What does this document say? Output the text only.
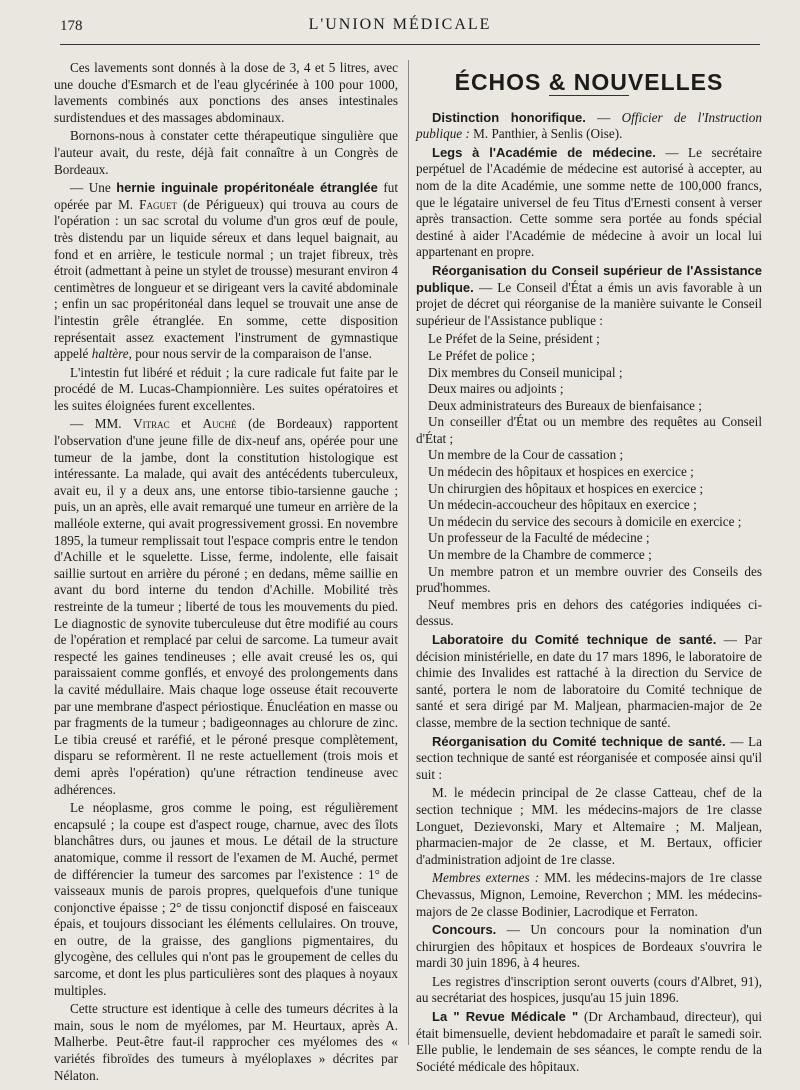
178	L'UNION MÉDICALE

Ces lavements sont donnés à la dose de 3, 4 et 5 litres, avec une douche d'Esmarch et de l'eau glycérinée à 100 pour 1000, lavements combinés aux ponctions des anses intestinales surdistendues et des massages abdominaux.

Bornons-nous à constater cette thérapeutique singulière que l'auteur avait, du reste, déjà fait connaître à un Congrès de Bordeaux.

— Une hernie inguinale propéritonéale étranglée fut opérée par M. Faguet (de Périgueux) qui trouva au cours de l'opération : un sac scrotal du volume d'un gros œuf de poule, très distendu par un liquide séreux et dans lequel baignait, au fond et en arrière, le testicule normal ; un trajet fibreux, très étroit (admettant à peine un stylet de trousse) mesurant environ 4 centimètres de longueur et se dirigeant vers la cavité abdominale ; enfin un sac propéritonéal dans lequel se trouvait une anse de l'intestin grêle étranglée. En somme, cette disposition représentait assez exactement l'instrument de gymnastique appelé haltère, pour nous servir de la comparaison de l'anse.

L'intestin fut libéré et réduit ; la cure radicale fut faite par le procédé de M. Lucas-Championnière. Les suites opératoires et les suites éloignées furent excellentes.

— MM. Vitrac et Auché (de Bordeaux) rapportent l'observation d'une jeune fille de dix-neuf ans, opérée pour une tumeur de la jambe, dont la constitution histologique est intéressante. La malade, qui avait des antécédents tuberculeux, avait eu, il y a deux ans, une entorse tibio-tarsienne gauche ; puis, un an après, elle avait remarqué une tumeur en arrière de la malléole externe, qui avait progressivement grossi. En novembre 1895, la tumeur remplissait tout l'espace compris entre le tendon d'Achille et le squelette. Lisse, ferme, indolente, elle faisait saillie surtout en arrière du péroné ; en dedans, même saillie en avant du bord interne du tendon d'Achille. Mobilité très restreinte de la tumeur ; liberté de tous les mouvements du pied. Le diagnostic de synovite tuberculeuse dut être modifié au cours de l'opération et remplacé par celui de sarcome. La tumeur avait respecté les gaines tendineuses ; elle avait creusé les os, qui paraissaient comme gonflés, et envoyé des prolongements dans la cavité médullaire. Mais chaque loge osseuse était recouverte par une membrane d'aspect périostique. Énucléation en masse ou par fragments de la tumeur ; badigeonnages au chlorure de zinc. Le tibia creusé et raréfié, et le péroné presque complètement, disparu se reformèrent. Il ne reste actuellement (trois mois et demi après l'opération) qu'une rétraction tendineuse avec adhérences.

Le néoplasme, gros comme le poing, est régulièrement encapsulé ; la coupe est d'aspect rouge, charnue, avec des îlots blanchâtres durs, ou jaunes et mous. Le détail de la structure anatomique, comme il ressort de l'examen de M. Auché, permet de différencier la tumeur des sarcomes par l'existence : 1° de vaisseaux munis de parois propres, quelquefois d'une tunique conjonctive épaisse ; 2° de tissu conjonctif disposé en faisceaux épais, et toujours dissociant les éléments cellulaires. On trouve, en outre, de la graisse, des ganglions pigmentaires, du glycogène, des cellules qui n'ont pas le groupement de celles du sarcome, et dont les plus particulières sont des plaques à noyaux multiples.

Cette structure est identique à celle des tumeurs décrites à la main, sous le nom de myélomes, par M. Heurtaux, après A. Malherbe. Peut-être faut-il rapprocher ces myélomes des « variétés fibroïdes des tumeurs à myéloplaxes » décrites par Nélaton.

ÉCHOS & NOUVELLES

Distinction honorifique. — Officier de l'Instruction publique : M. Panthier, à Senlis (Oise).

Legs à l'Académie de médecine. — Le secrétaire perpétuel de l'Académie de médecine est autorisé à accepter, au nom de la dite Académie, une somme nette de 100,000 francs, que le légataire universel de feu Titus d'Ernesti consent à verser après transaction. Cette somme sera portée au fonds spécial destiné à aider l'Académie de médecine à avoir un local lui appartenant en propre.

Réorganisation du Conseil supérieur de l'Assistance publique. — Le Conseil d'État a émis un avis favorable à un projet de décret qui réorganise de la manière suivante le Conseil supérieur de l'Assistance publique :

Le Préfet de la Seine, président ;
Le Préfet de police ;
Dix membres du Conseil municipal ;
Deux maires ou adjoints ;
Deux administrateurs des Bureaux de bienfaisance ;
Un conseiller d'État ou un membre des requêtes au Conseil d'État ;
Un membre de la Cour de cassation ;
Un médecin des hôpitaux et hospices en exercice ;
Un chirurgien des hôpitaux et hospices en exercice ;
Un médecin-accoucheur des hôpitaux en exercice ;
Un médecin du service des secours à domicile en exercice ;
Un professeur de la Faculté de médecine ;
Un membre de la Chambre de commerce ;
Un membre patron et un membre ouvrier des Conseils des prud'hommes.
Neuf membres pris en dehors des catégories indiquées ci-dessus.

Laboratoire du Comité technique de santé. — Par décision ministérielle, en date du 17 mars 1896, le laboratoire de chimie des Invalides est rattaché à la direction du Service de santé, portera le nom de laboratoire du Comité technique de santé et sera dirigé par M. Maljean, pharmacien-major de 2e classe, membre de la section technique de santé.

Réorganisation du Comité technique de santé. — La section technique de santé est réorganisée et composée ainsi qu'il suit :

M. le médecin principal de 2e classe Catteau, chef de la section technique ; MM. les médecins-majors de 1re classe Longuet, Dezievonski, Mary et Altemaire ; M. Maljean, pharmacien-major de 2e classe, et M. Bertaux, officier d'administration adjoint de 1re classe.

Membres externes : MM. les médecins-majors de 1re classe Chevassus, Mignon, Lemoine, Reverchon ; MM. les médecins-majors de 2e classe Bodinier, Lacrodique et Ferraton.

Concours. — Un concours pour la nomination d'un chirurgien des hôpitaux et hospices de Bordeaux s'ouvrira le mardi 30 juin 1896, à 4 heures.

Les registres d'inscription seront ouverts (cours d'Albret, 91), au secrétariat des hospices, jusqu'au 15 juin 1896.

La " Revue Médicale " (Dr Archambaud, directeur), qui était bimensuelle, devient hebdomadaire et paraît le samedi soir. Elle publie, le lendemain de ses séances, le compte rendu de la Société médicale des hôpitaux.
